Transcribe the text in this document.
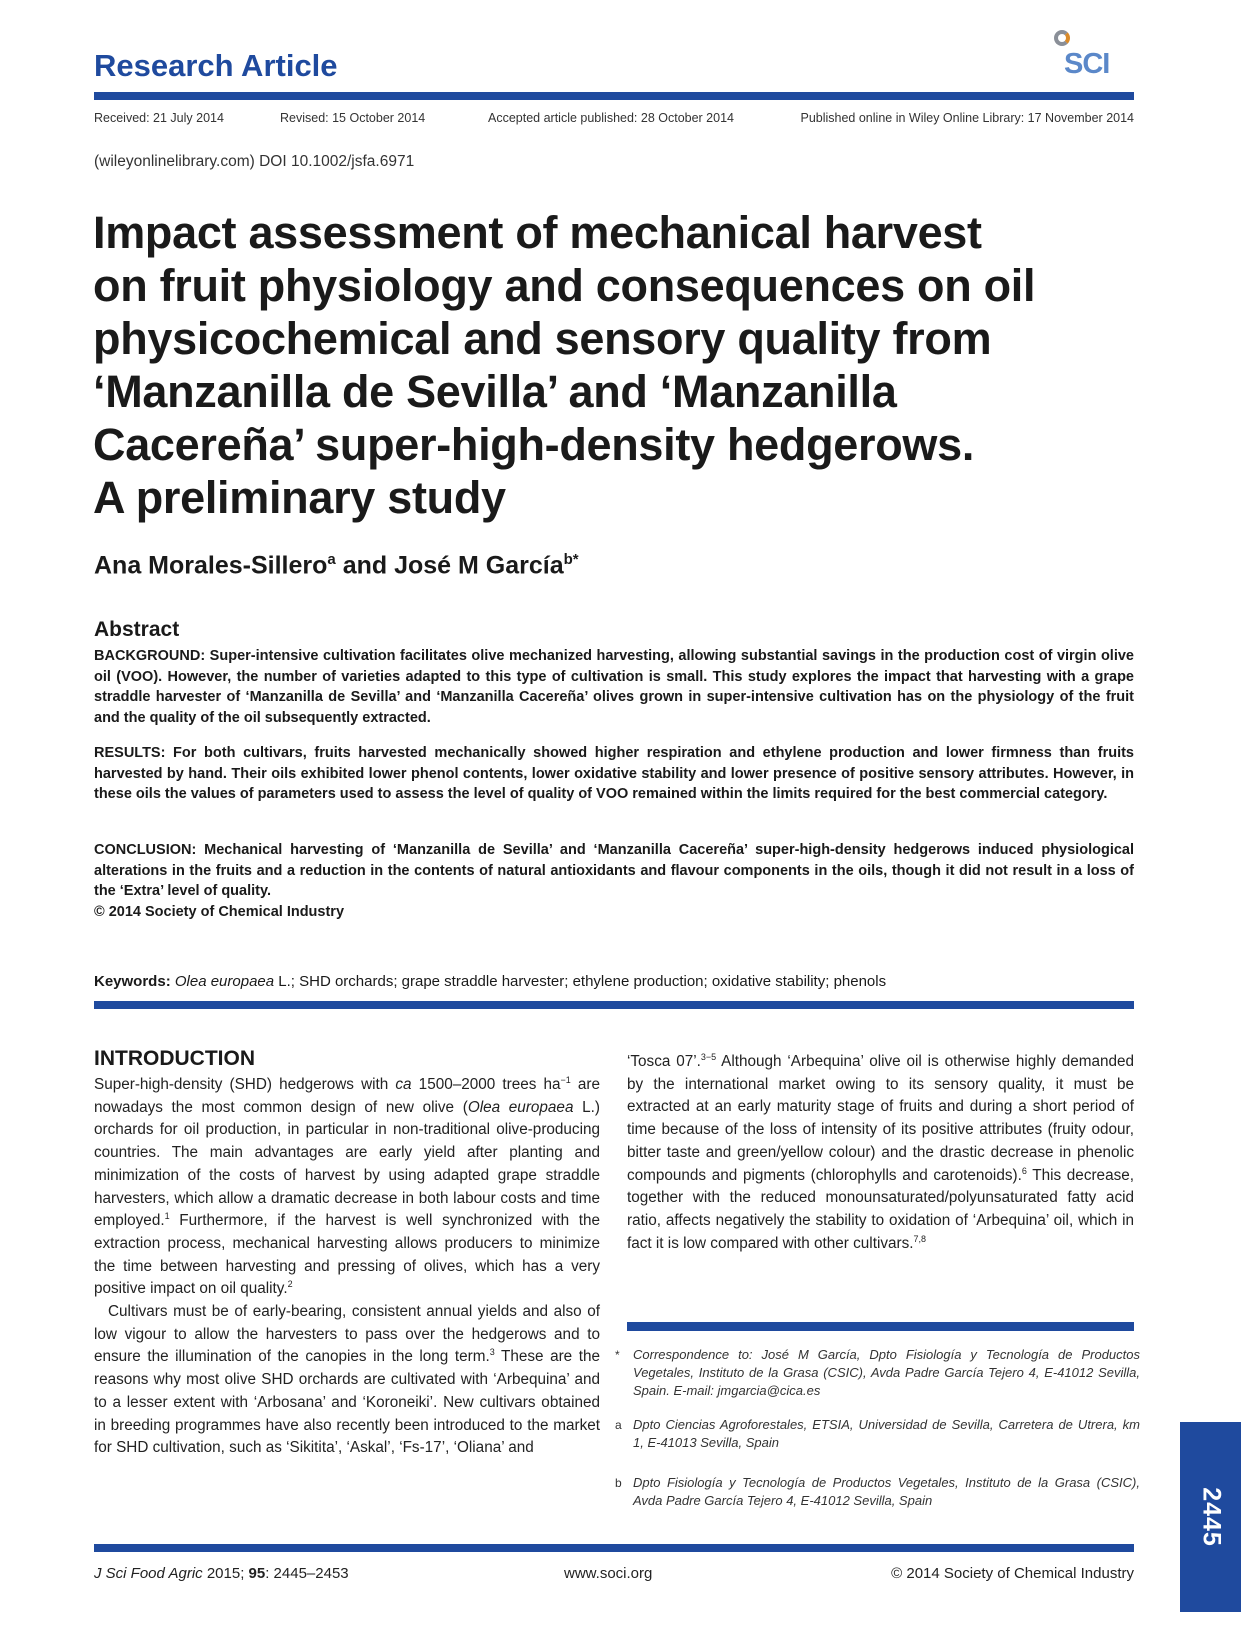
Research Article	SCI
Received: 21 July 2014	Revised: 15 October 2014	Accepted article published: 28 October 2014	Published online in Wiley Online Library: 17 November 2014
(wileyonlinelibrary.com) DOI 10.1002/jsfa.6971
Impact assessment of mechanical harvest
on fruit physiology and consequences on oil
physicochemical and sensory quality from
‘Manzanilla de Sevilla’ and ‘Manzanilla
Cacereña’ super-high-density hedgerows.
A preliminary study
Ana Morales-Sillero$^a$ and José M García$^{b*}$
Abstract

BACKGROUND: Super-intensive cultivation facilitates olive mechanized harvesting, allowing substantial savings in the production cost of virgin olive oil (VOO). However, the number of varieties adapted to this type of cultivation is small. This study explores the impact that harvesting with a grape straddle harvester of ‘Manzanilla de Sevilla’ and ‘Manzanilla Cacereña’ olives grown in super-intensive cultivation has on the physiology of the fruit and the quality of the oil subsequently extracted.

RESULTS: For both cultivars, fruits harvested mechanically showed higher respiration and ethylene production and lower firmness than fruits harvested by hand. Their oils exhibited lower phenol contents, lower oxidative stability and lower presence of positive sensory attributes. However, in these oils the values of parameters used to assess the level of quality of VOO remained within the limits required for the best commercial category.

CONCLUSION: Mechanical harvesting of ‘Manzanilla de Sevilla’ and ‘Manzanilla Cacereña’ super-high-density hedgerows induced physiological alterations in the fruits and a reduction in the contents of natural antioxidants and flavour components in the oils, though it did not result in a loss of the ‘Extra’ level of quality.
© 2014 Society of Chemical Industry
Keywords: Olea europaea L.; SHD orchards; grape straddle harvester; ethylene production; oxidative stability; phenols
INTRODUCTION

Super-high-density (SHD) hedgerows with ca 1500–2000 trees $ha^{-1}$ are nowadays the most common design of new olive (Olea europaea L.) orchards for oil production, in particular in non-traditional olive-producing countries. The main advantages are early yield after planting and minimization of the costs of harvest by using adapted grape straddle harvesters, which allow a dramatic decrease in both labour costs and time employed.$^1$ Furthermore, if the harvest is well synchronized with the extraction process, mechanical harvesting allows producers to minimize the time between harvesting and pressing of olives, which has a very positive impact on oil quality.$^2$

Cultivars must be of early-bearing, consistent annual yields and also of low vigour to allow the harvesters to pass over the hedgerows and to ensure the illumination of the canopies in the long term.$^3$ These are the reasons why most olive SHD orchards are cultivated with ‘Arbequina’ and to a lesser extent with ‘Arbosana’ and ‘Koroneiki’. New cultivars obtained in breeding programmes have also recently been introduced to the market for SHD cultivation, such as ‘Sikitita’, ‘Askal’, ‘Fs-17’, ‘Oliana’ and

‘Tosca 07’.$^{3-5}$ Although ‘Arbequina’ olive oil is otherwise highly demanded by the international market owing to its sensory quality, it must be extracted at an early maturity stage of fruits and during a short period of time because of the loss of intensity of its positive attributes (fruity odour, bitter taste and green/yellow colour) and the drastic decrease in phenolic compounds and pigments (chlorophylls and carotenoids).$^6$ This decrease, together with the reduced monounsaturated/polyunsaturated fatty acid ratio, affects negatively the stability to oxidation of ‘Arbequina’ oil, which in fact it is low compared with other cultivars.$^{7,8}$

* Correspondence to: José M García, Dpto Fisiología y Tecnología de Productos Vegetales, Instituto de la Grasa (CSIC), Avda Padre García Tejero 4, E-41012 Sevilla, Spain. E-mail: jmgarcia@cica.es
a Dpto Ciencias Agroforestales, ETSIA, Universidad de Sevilla, Carretera de Utrera, km 1, E-41013 Sevilla, Spain
b Dpto Fisiología y Tecnología de Productos Vegetales, Instituto de la Grasa (CSIC), Avda Padre García Tejero 4, E-41012 Sevilla, Spain	2445
J Sci Food Agric 2015; 95: 2445–2453	www.soci.org	© 2014 Society of Chemical Industry
